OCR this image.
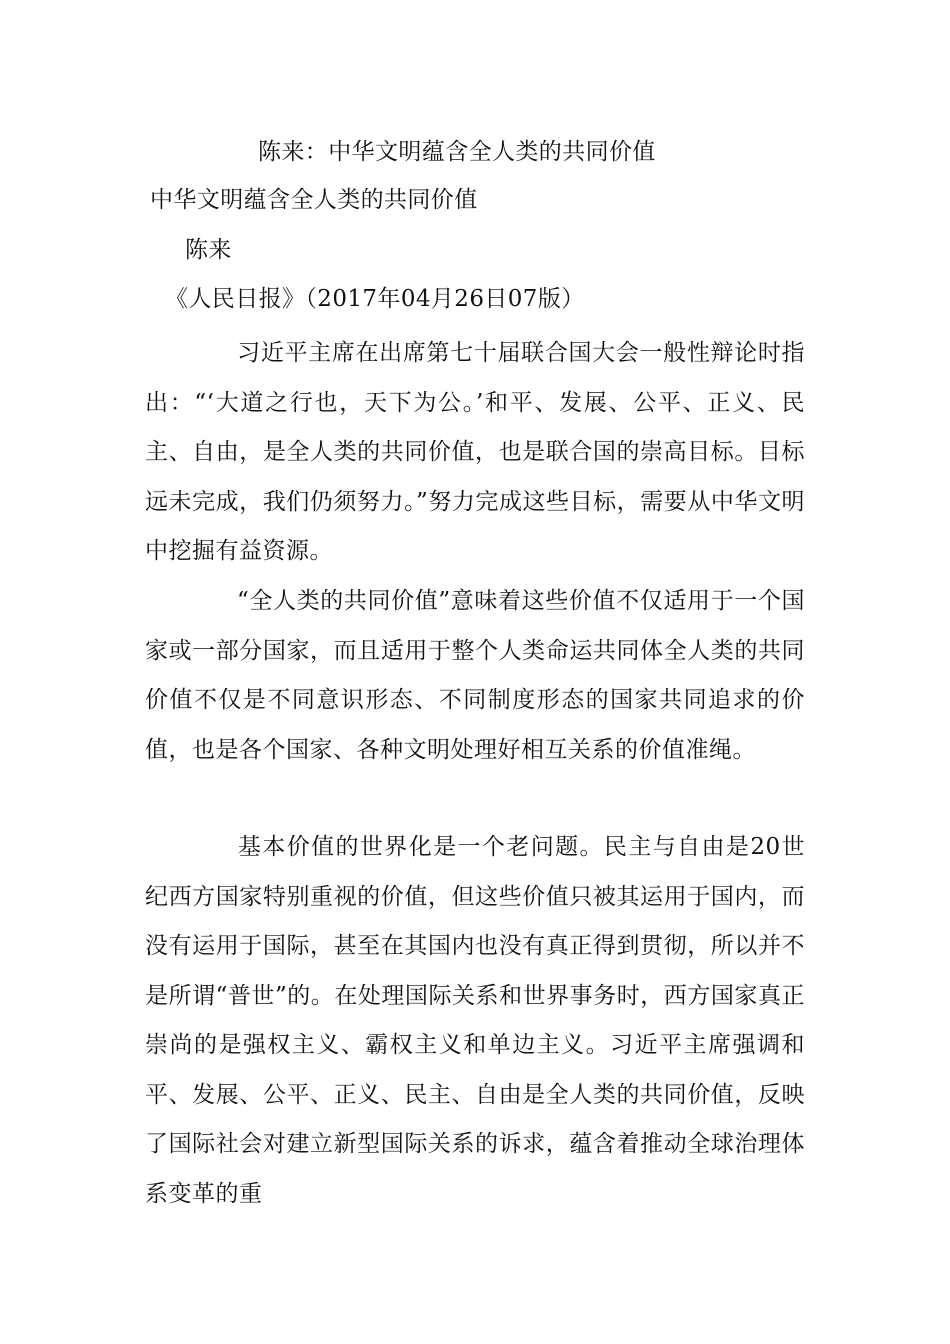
陈来：中华文明蕴含全人类的共同价值
中华文明蕴含全人类的共同价值
陈来
《人民日报》（2017年04月26日07版）
习近平主席在出席第七十届联合国大会一般性辩论时指出：“‘大道之行也，天下为公。’和平、发展、公平、正义、民主、自由，是全人类的共同价值，也是联合国的崇高目标。目标远未完成，我们仍须努力。”努力完成这些目标，需要从中华文明中挖掘有益资源。
“全人类的共同价值”意味着这些价值不仅适用于一个国家或一部分国家，而且适用于整个人类命运共同体全人类的共同价值不仅是不同意识形态、不同制度形态的国家共同追求的价值，也是各个国家、各种文明处理好相互关系的价值准绳。
基本价值的世界化是一个老问题。民主与自由是20世纪西方国家特别重视的价值，但这些价值只被其运用于国内，而没有运用于国际，甚至在其国内也没有真正得到贯彻，所以并不是所谓“普世”的。在处理国际关系和世界事务时，西方国家真正崇尚的是强权主义、霸权主义和单边主义。习近平主席强调和平、发展、公平、正义、民主、自由是全人类的共同价值，反映了国际社会对建立新型国际关系的诉求，蕴含着推动全球治理体系变革的重
